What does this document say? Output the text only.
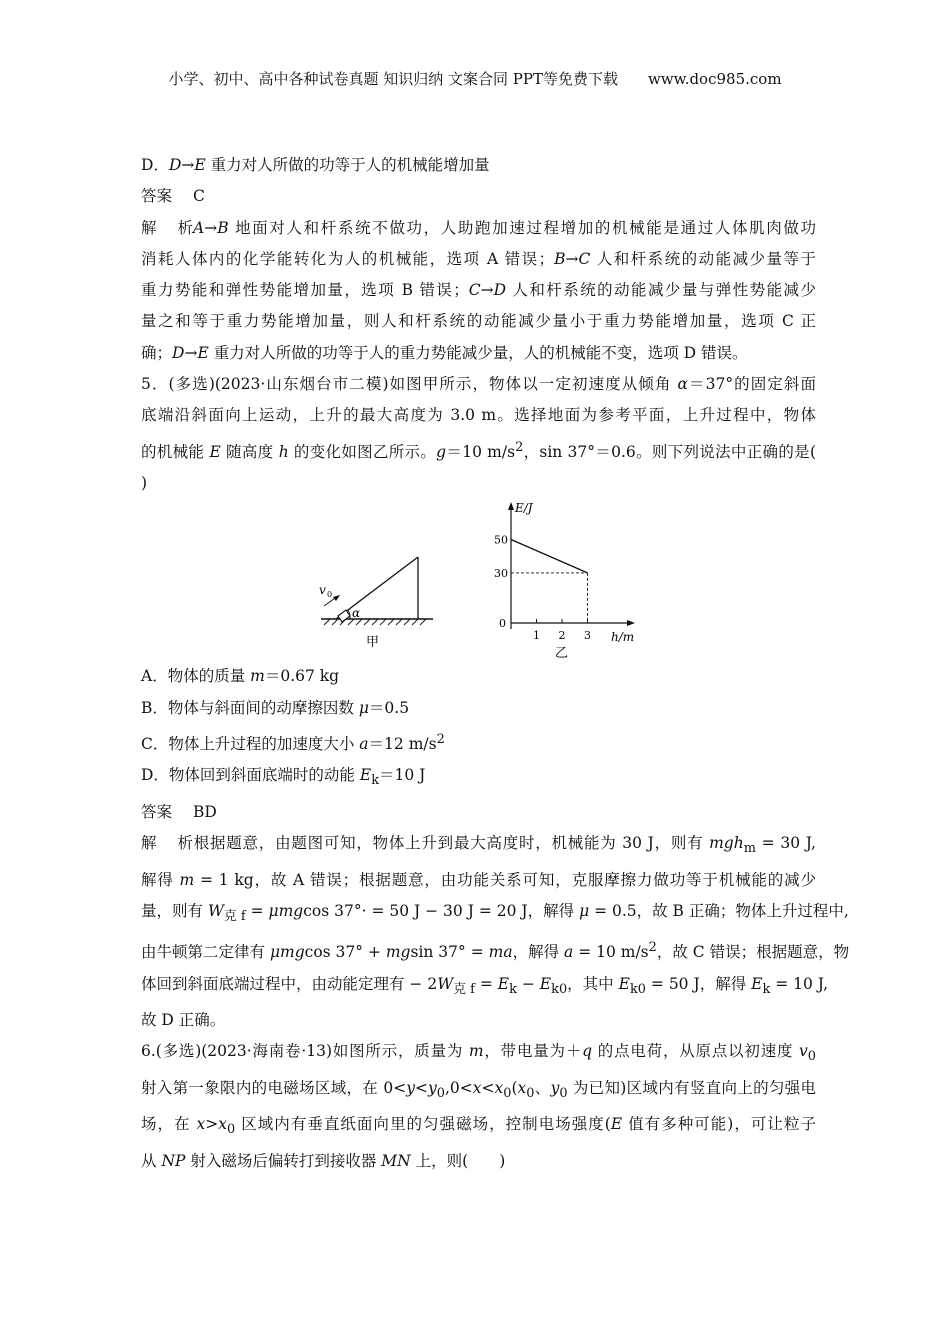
小学、初中、高中各种试卷真题 知识归纳 文案合同 PPT等免费下载　　www.doc985.com
D．D→E 重力对人所做的功等于人的机械能增加量
答案 C
解析A→B 地面对人和杆系统不做功，人助跑加速过程增加的机械能是通过人体肌肉做功
消耗人体内的化学能转化为人的机械能，选项 A 错误；B→C 人和杆系统的动能减少量等于
重力势能和弹性势能增加量，选项 B 错误；C→D 人和杆系统的动能减少量与弹性势能减少
量之和等于重力势能增加量，则人和杆系统的动能减少量小于重力势能增加量，选项 C 正
确；D→E 重力对人所做的功等于人的重力势能减少量，人的机械能不变，选项 D 错误。
5．(多选)(2023·山东烟台市二模)如图甲所示，物体以一定初速度从倾角 α＝37°的固定斜面
底端沿斜面向上运动，上升的最大高度为 3.0 m。选择地面为参考平面，上升过程中，物体
的机械能 E 随高度 h 的变化如图乙所示。g＝10 $m/s^2$，sin 37°＝0.6。则下列说法中正确的是(
)
v 0
α
甲
E/J
h/m
0
1 2 3
50
30
乙
A．物体的质量 m＝0.67 kg
B．物体与斜面间的动摩擦因数 μ＝0.5
C．物体上升过程的加速度大小 a＝12 $m/s^2$
D．物体回到斜面底端时的动能 $E_k=10$ J
答案 BD
解析根据题意，由题图可知，物体上升到最大高度时，机械能为 30 J，则有 mgh$_m$ = 30 J,
解得 m = 1 kg，故 A 错误；根据题意，由功能关系可知，克服摩擦力做功等于机械能的减少
量，则有 $W_{克 f} = \mu mgcos$ 37°· = 50 J − 30 J = 20 J，解得 μ = 0.5，故 B 正确；物体上升过程中,
由牛顿第二定律有 μmgcos 37° + mgsin 37° = ma，解得 a = 10 $m/s^2$，故 C 错误；根据题意，物
体回到斜面底端过程中，由动能定理有 − $2W_{克 f} = E_k - E_{k0}$，其中 $E_{k0} = 50$ J，解得 $E_k = 10$ J,
故 D 正确。
6.(多选)(2023·海南卷·13)如图所示，质量为 m，带电量为＋q 的点电荷，从原点以初速度 $v_0$
射入第一象限内的电磁场区域，在 $0<y<y_0,0<x<x_0(x_0$、$y_0$ 为已知)区域内有竖直向上的匀强电
场，在 $x>x_0$ 区域内有垂直纸面向里的匀强磁场，控制电场强度(E 值有多种可能)，可让粒子
从 NP 射入磁场后偏转打到接收器 MN 上，则(　　)
